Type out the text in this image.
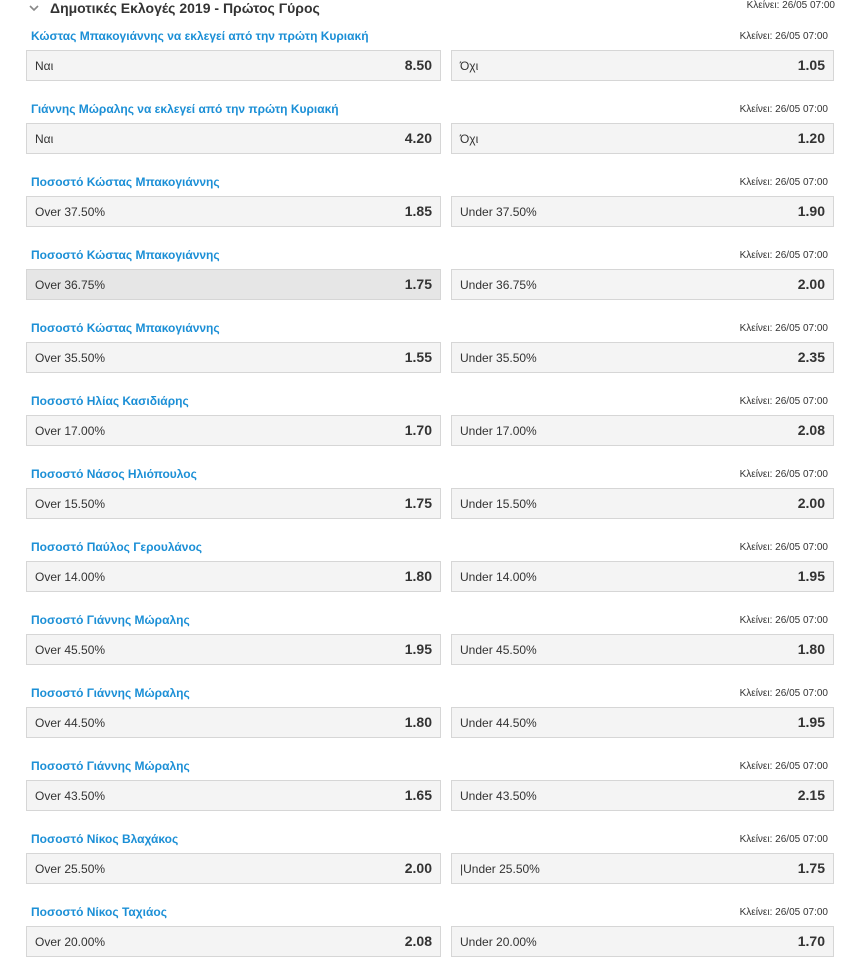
Δημοτικές Εκλογές 2019 - Πρώτος Γύρος	Κλείνει: 26/05 07:00
Κώστας Μπακογιάννης να εκλεγεί από την πρώτη Κυριακή	Κλείνει: 26/05 07:00
Ναι	8.50 Όχι	1.05
Γιάννης Μώραλης να εκλεγεί από την πρώτη Κυριακή	Κλείνει: 26/05 07:00
Ναι	4.20 Όχι	1.20
Ποσοστό Κώστας Μπακογιάννης	Κλείνει: 26/05 07:00
Over 37.50%	1.85 Under 37.50%	1.90
Ποσοστό Κώστας Μπακογιάννης	Κλείνει: 26/05 07:00
Over 36.75%	1.75 Under 36.75%	2.00
Ποσοστό Κώστας Μπακογιάννης	Κλείνει: 26/05 07:00
Over 35.50%	1.55 Under 35.50%	2.35
Ποσοστό Ηλίας Κασιδιάρης	Κλείνει: 26/05 07:00
Over 17.00%	1.70 Under 17.00%	2.08
Ποσοστό Νάσος Ηλιόπουλος	Κλείνει: 26/05 07:00
Over 15.50%	1.75 Under 15.50%	2.00
Ποσοστό Παύλος Γερουλάνος	Κλείνει: 26/05 07:00
Over 14.00%	1.80 Under 14.00%	1.95
Ποσοστό Γιάννης Μώραλης	Κλείνει: 26/05 07:00
Over 45.50%	1.95 Under 45.50%	1.80
Ποσοστό Γιάννης Μώραλης	Κλείνει: 26/05 07:00
Over 44.50%	1.80 Under 44.50%	1.95
Ποσοστό Γιάννης Μώραλης	Κλείνει: 26/05 07:00
Over 43.50%	1.65 Under 43.50%	2.15
Ποσοστό Νίκος Βλαχάκος	Κλείνει: 26/05 07:00
Over 25.50%	2.00 |Under 25.50%	1.75
Ποσοστό Νίκος Ταχιάος	Κλείνει: 26/05 07:00
Over 20.00%	2.08 Under 20.00%	1.70
